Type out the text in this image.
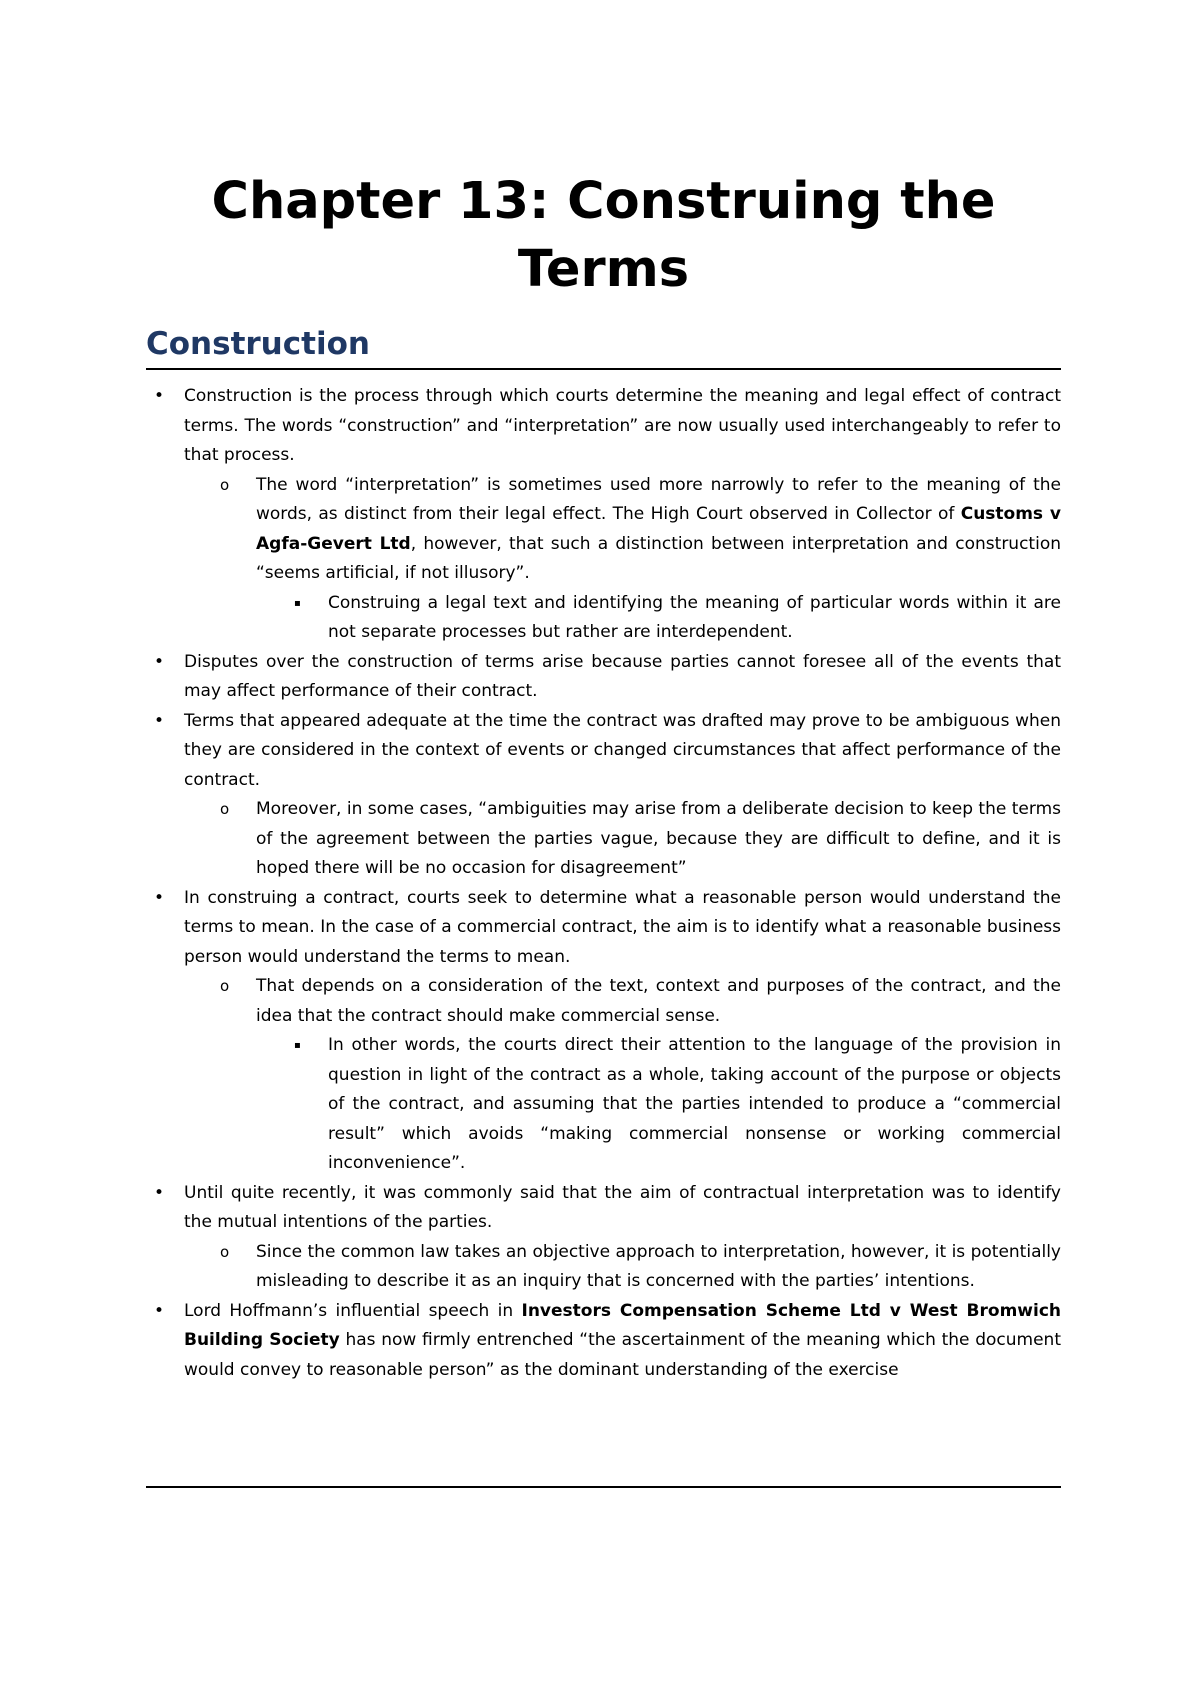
Chapter 13: Construing the Terms
Construction

• Construction is the process through which courts determine the meaning and legal effect of contract terms. The words “construction” and “interpretation” are now usually used interchangeably to refer to that process.

o The word “interpretation” is sometimes used more narrowly to refer to the meaning of the words, as distinct from their legal effect. The High Court observed in Collector of Customs v Agfa-Gevert Ltd, however, that such a distinction between interpretation and construction “seems artificial, if not illusory”.

▪ Construing a legal text and identifying the meaning of particular words within it are not separate processes but rather are interdependent.

• Disputes over the construction of terms arise because parties cannot foresee all of the events that may affect performance of their contract.

• Terms that appeared adequate at the time the contract was drafted may prove to be ambiguous when they are considered in the context of events or changed circumstances that affect performance of the contract.

o Moreover, in some cases, “ambiguities may arise from a deliberate decision to keep the terms of the agreement between the parties vague, because they are difficult to define, and it is hoped there will be no occasion for disagreement”

• In construing a contract, courts seek to determine what a reasonable person would understand the terms to mean. In the case of a commercial contract, the aim is to identify what a reasonable business person would understand the terms to mean.

o That depends on a consideration of the text, context and purposes of the contract, and the idea that the contract should make commercial sense.

▪ In other words, the courts direct their attention to the language of the provision in question in light of the contract as a whole, taking account of the purpose or objects of the contract, and assuming that the parties intended to produce a “commercial result” which avoids “making commercial nonsense or working commercial inconvenience”.

• Until quite recently, it was commonly said that the aim of contractual interpretation was to identify the mutual intentions of the parties.

o Since the common law takes an objective approach to interpretation, however, it is potentially misleading to describe it as an inquiry that is concerned with the parties’ intentions.

• Lord Hoffmann’s influential speech in Investors Compensation Scheme Ltd v West Bromwich Building Society has now firmly entrenched “the ascertainment of the meaning which the document would convey to reasonable person” as the dominant understanding of the exercise
